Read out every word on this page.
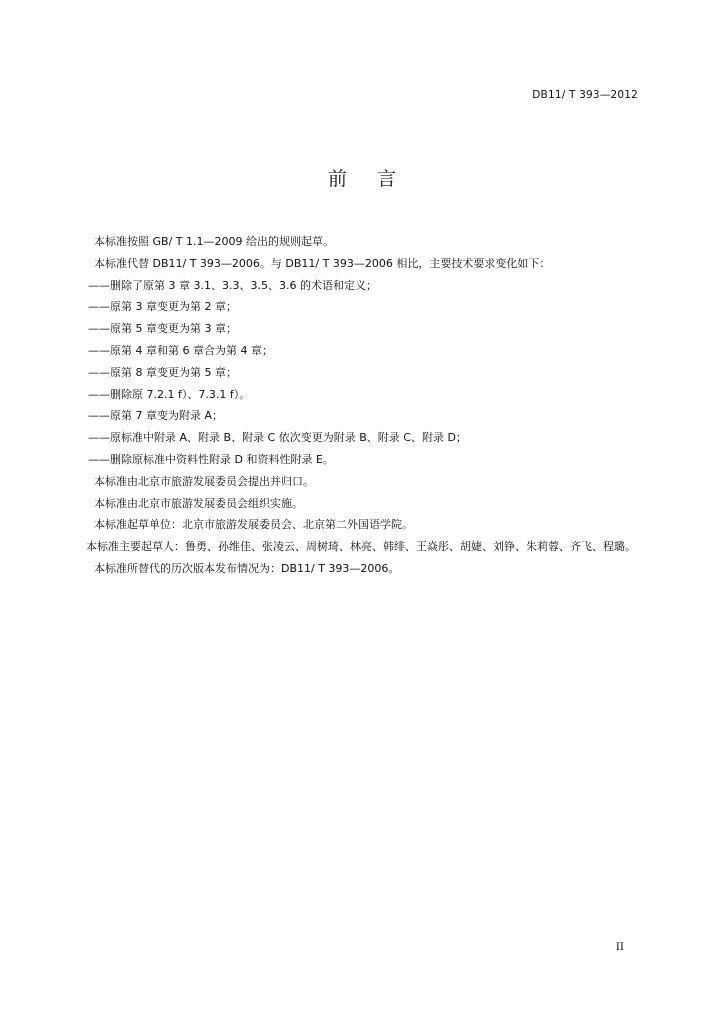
DB11/ T 393—2012
前言

本标准按照 GB/ T 1.1—2009 给出的规则起草。

本标准代替 DB11/ T 393—2006。与 DB11/ T 393—2006 相比，主要技术要求变化如下：

——删除了原第 3 章 3.1、3.3、3.5、3.6 的术语和定义；

——原第 3 章变更为第 2 章；

——原第 5 章变更为第 3 章；

——原第 4 章和第 6 章合为第 4 章；

——原第 8 章变更为第 5 章；

——删除原 7.2.1 f）、7.3.1 f）。

——原第 7 章变为附录 A；

——原标准中附录 A、附录 B、附录 C 依次变更为附录 B、附录 C、附录 D；

——删除原标准中资料性附录 D 和资料性附录 E。

本标准由北京市旅游发展委员会提出并归口。

本标准由北京市旅游发展委员会组织实施。

本标准起草单位：北京市旅游发展委员会、北京第二外国语学院。

本标准主要起草人：鲁勇、孙维佳、张凌云、周树琦、林亮、韩绯、王焱彤、胡婕、刘铮、朱莉蓉、齐飞、程璐。

本标准所替代的历次版本发布情况为：DB11/ T 393—2006。

II
